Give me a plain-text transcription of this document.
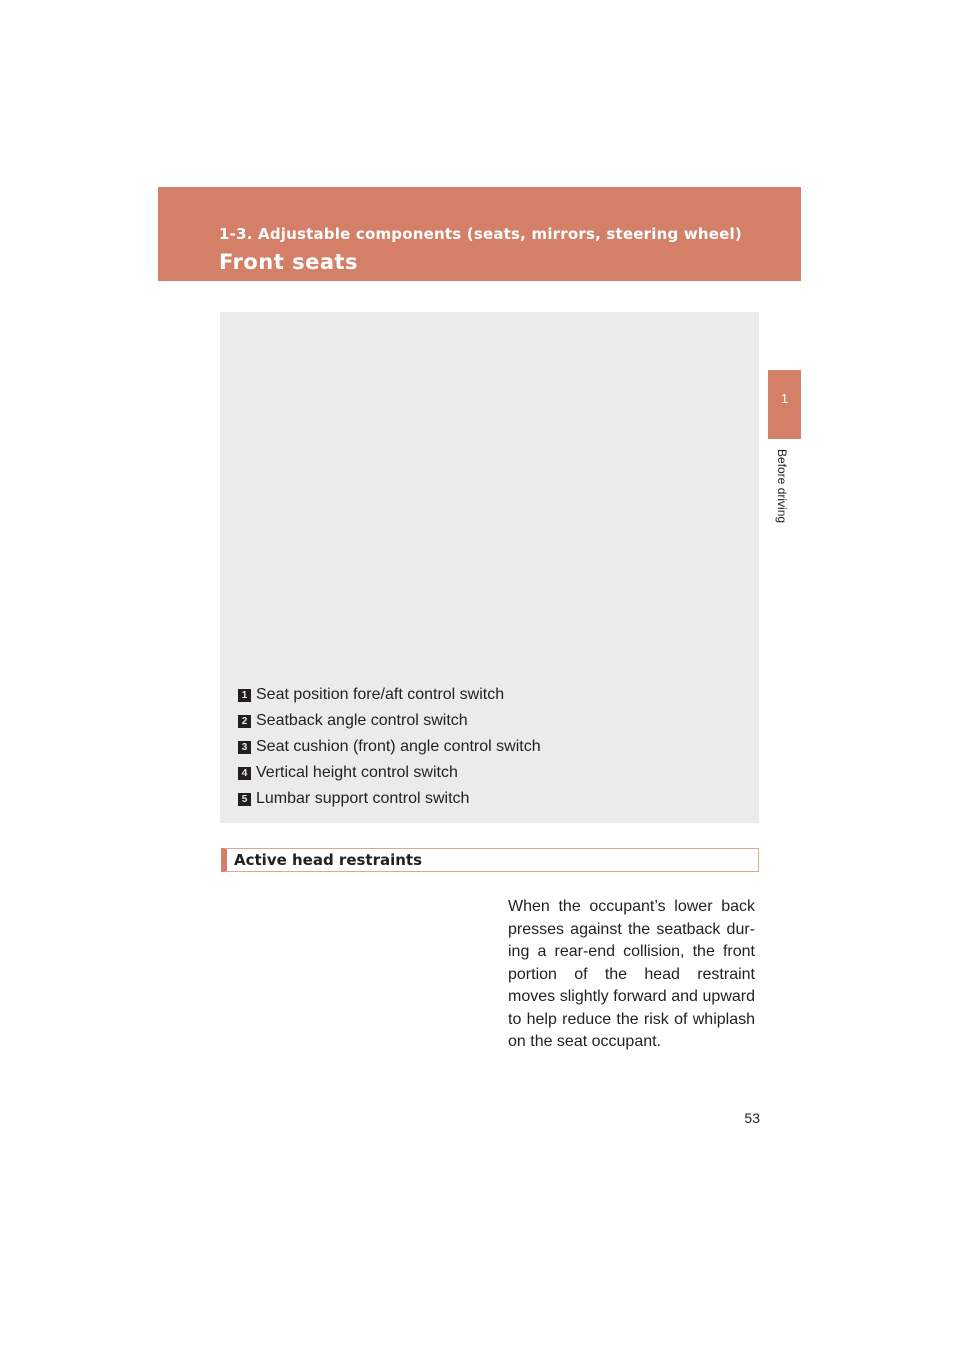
1-3. Adjustable components (seats, mirrors, steering wheel)
Front seats
1
Before driving
1 Seat position fore/aft control switch
2 Seatback angle control switch
3 Seat cushion (front) angle control switch
4 Vertical height control switch
5 Lumbar support control switch
Active head restraints

When the occupant’s lower back presses against the seatback dur-ing a rear-end collision, the front portion of the head restraint moves slightly forward and upward to help reduce the risk of whiplash on the seat occupant.

53
